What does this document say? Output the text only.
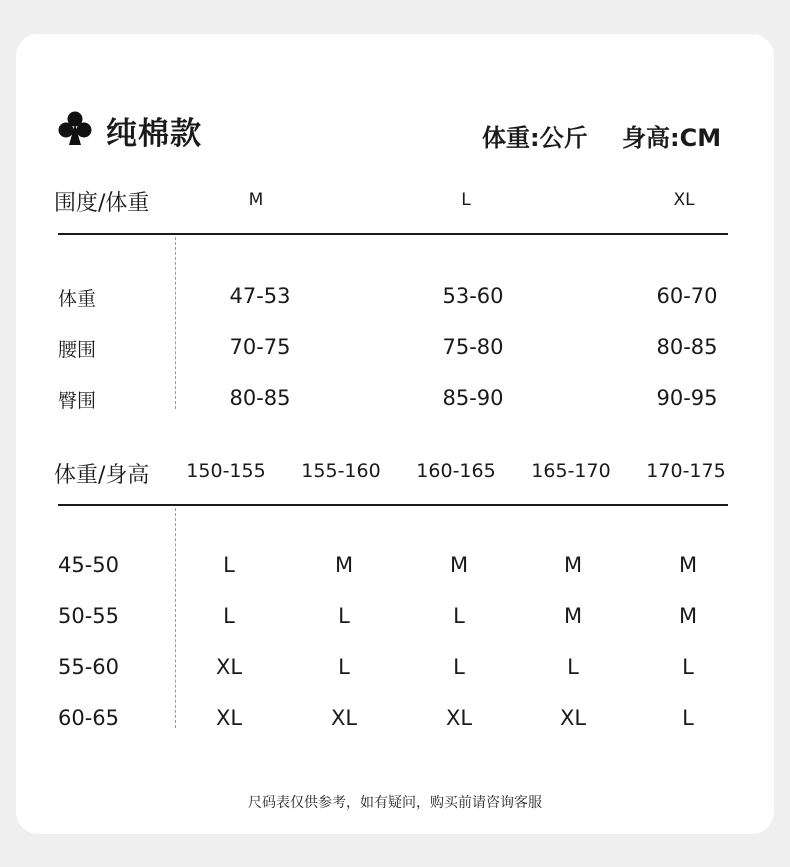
纯棉款	体重:公斤 身高:CM
围度/体重	M	L	XL
体重	47-53	53-60	60-70
腰围	70-75	75-80	80-85
臀围	80-85	85-90	90-95
体重/身高 150-155 155-160 160-165 165-170 170-175
45-50	L	M	M	M	M
50-55	L	L	L	M	M
55-60	XL	L	L	L	L
60-65	XL	XL	XL	XL	L
尺码表仅供参考，如有疑问，购买前请咨询客服
